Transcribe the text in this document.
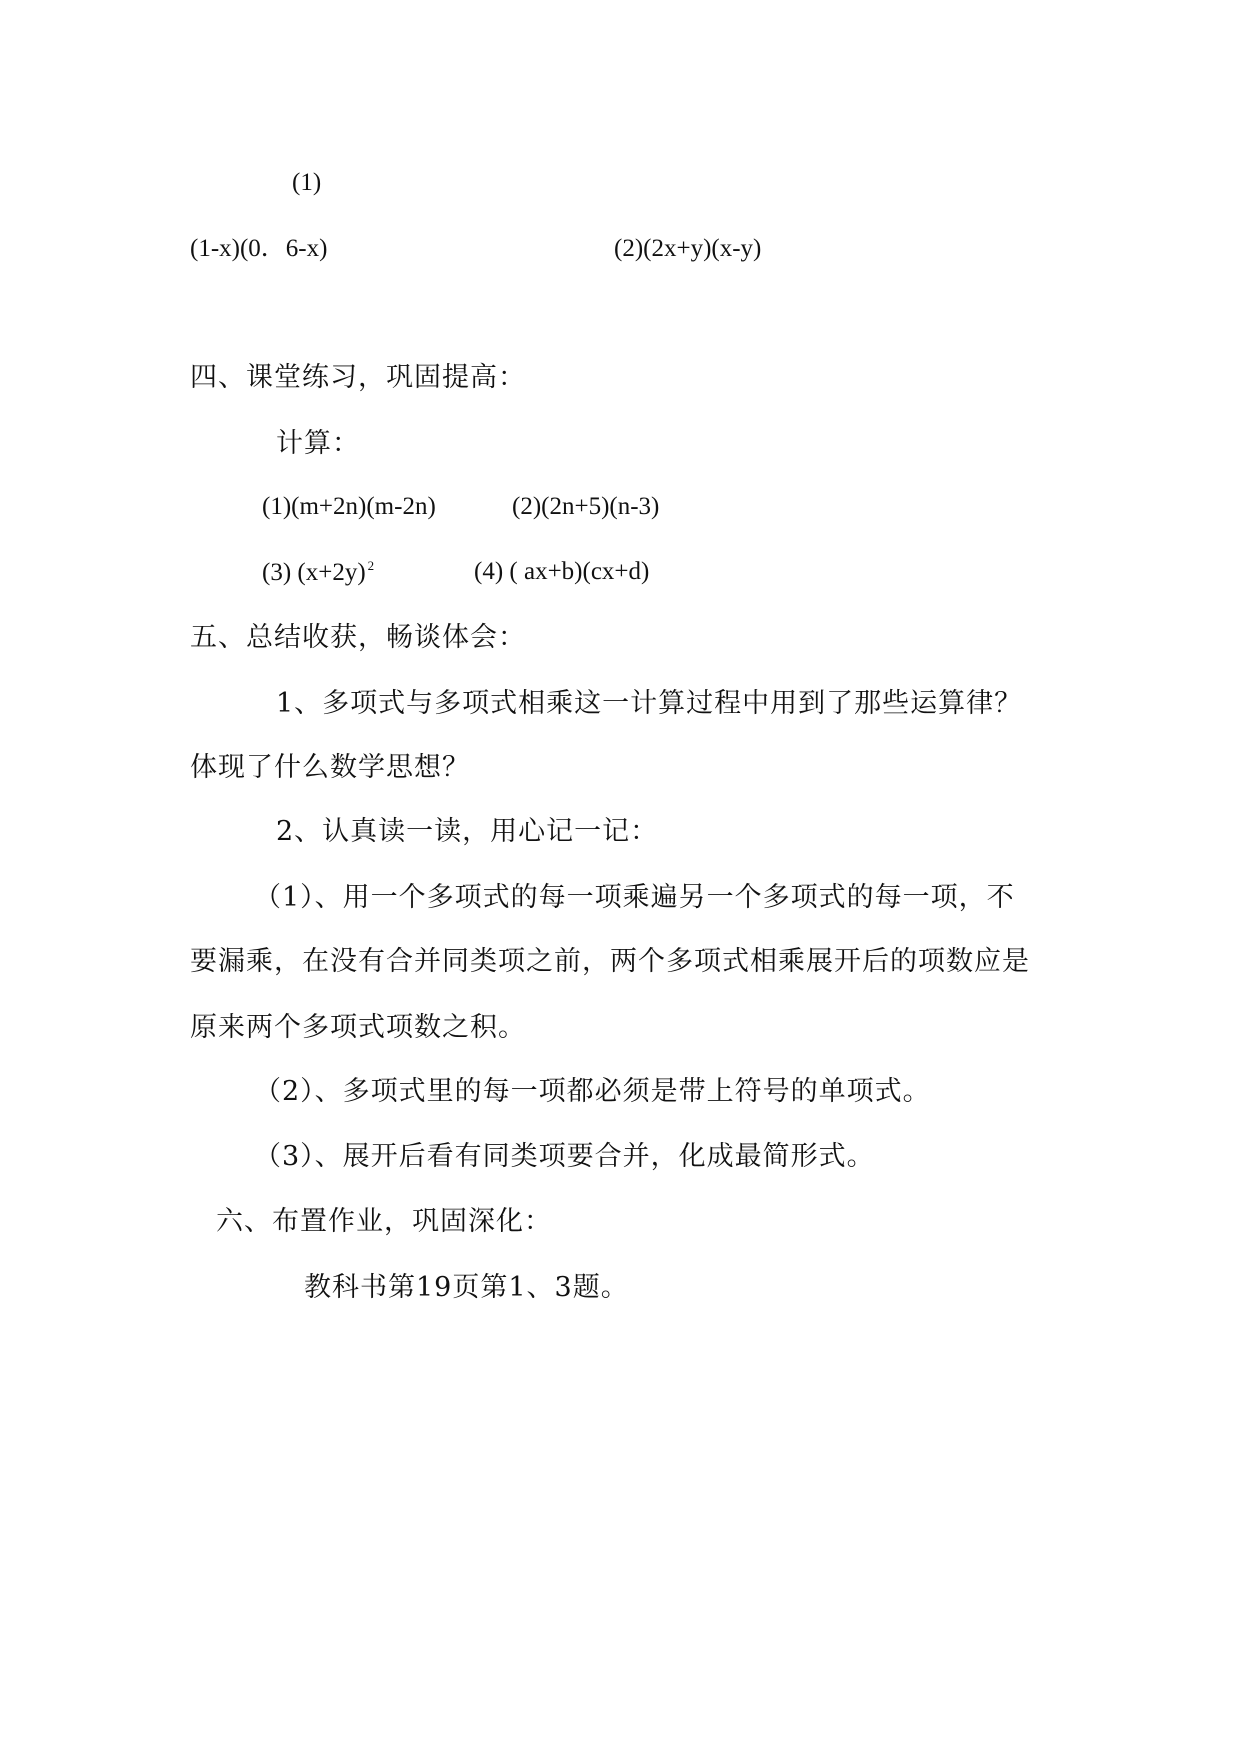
(1)
(1-x)(0．6-x)	(2)(2x+y)(x-y)
四、课堂练习，巩固提高：
计算：
(1)(m+2n)(m-2n)	(2)(2n+5)(n-3)
(3) (x+2y) $^2$	(4) ( ax+b)(cx+d)
五、总结收获，畅谈体会：
1、多项式与多项式相乘这一计算过程中用到了那些运算律？
体现了什么数学思想？
2、认真读一读，用心记一记：
（1）、用一个多项式的每一项乘遍另一个多项式的每一项，不
要漏乘，在没有合并同类项之前，两个多项式相乘展开后的项数应是
原来两个多项式项数之积。
（2）、多项式里的每一项都必须是带上符号的单项式。
（3）、展开后看有同类项要合并，化成最简形式。
六、布置作业，巩固深化：
教科书第19页第1、3题。
